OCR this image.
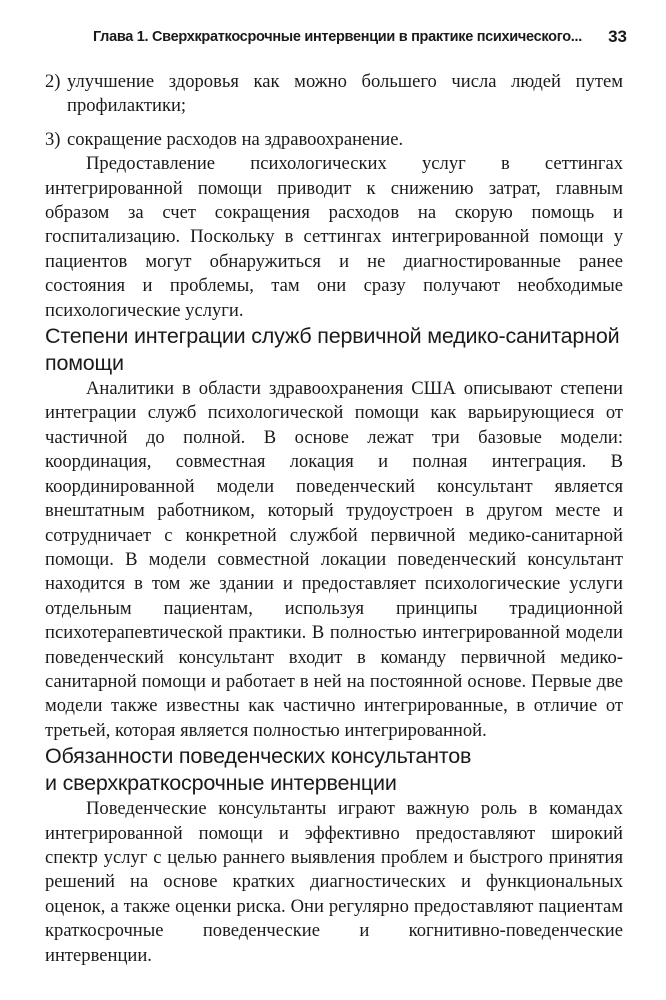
Глава 1. Сверхкраткосрочные интервенции в практике психического... 33
2) улучшение здоровья как можно большего числа людей путем профилактики;
3) сокращение расходов на здравоохранение.

Предоставление психологических услуг в сеттингах интегрированной помощи приводит к снижению затрат, главным образом за счет сокращения расходов на скорую помощь и госпитализацию. Поскольку в сеттингах интегрированной помощи у пациентов могут обнаружиться и не диагностированные ранее состояния и проблемы, там они сразу получают необходимые психологические услуги.

Степени интеграции служб первичной медико-санитарной помощи

Аналитики в области здравоохранения США описывают степени интеграции служб психологической помощи как варьирующиеся от частичной до полной. В основе лежат три базовые модели: координация, совместная локация и полная интеграция. В координированной модели поведенческий консультант является внештатным работником, который трудоустроен в другом месте и сотрудничает с конкретной службой первичной медико-санитарной помощи. В модели совместной локации поведенческий консультант находится в том же здании и предоставляет психологические услуги отдельным пациентам, используя принципы традиционной психотерапевтической практики. В полностью интегрированной модели поведенческий консультант входит в команду первичной медико-санитарной помощи и работает в ней на постоянной основе. Первые две модели также известны как частично интегрированные, в отличие от третьей, которая является полностью интегрированной.

Обязанности поведенческих консультантов
и сверхкраткосрочные интервенции

Поведенческие консультанты играют важную роль в командах интегрированной помощи и эффективно предоставляют широкий спектр услуг с целью раннего выявления проблем и быстрого принятия решений на основе кратких диагностических и функциональных оценок, а также оценки риска. Они регулярно предоставляют пациентам краткосрочные поведенческие и когнитивно-поведенческие интервенции.
